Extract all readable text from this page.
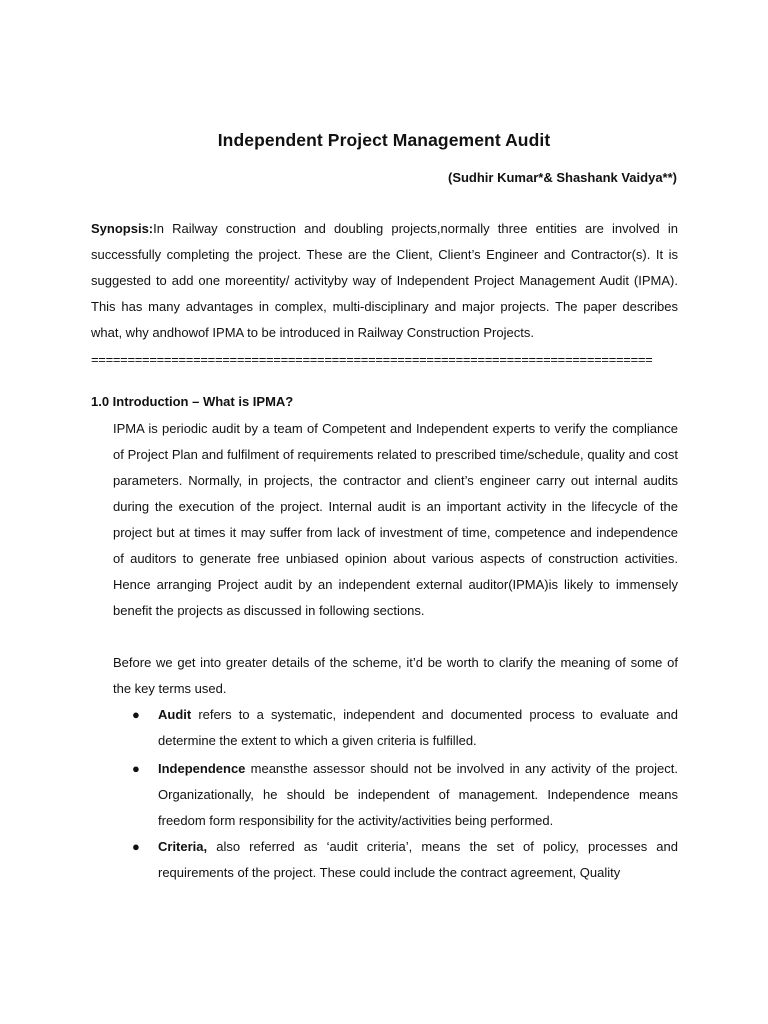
Independent Project Management Audit
(Sudhir Kumar*& Shashank Vaidya**)
Synopsis:In Railway construction and doubling projects,normally three entities are involved in successfully completing the project. These are the Client, Client’s Engineer and Contractor(s). It is suggested to add one moreentity/ activityby way of Independent Project Management Audit (IPMA). This has many advantages in complex, multi-disciplinary and major projects. The paper describes what, why andhowof IPMA to be introduced in Railway Construction Projects.
=============================================================================
1.0 Introduction – What is IPMA?
IPMA is periodic audit by a team of Competent and Independent experts to verify the compliance of Project Plan and fulfilment of requirements related to prescribed time/schedule, quality and cost parameters. Normally, in projects, the contractor and client’s engineer carry out internal audits during the execution of the project. Internal audit is an important activity in the lifecycle of the project but at times it may suffer from lack of investment of time, competence and independence of auditors to generate free unbiased opinion about various aspects of construction activities. Hence arranging Project audit by an independent external auditor(IPMA)is likely to immensely benefit the projects as discussed in following sections.
Before we get into greater details of the scheme, it’d be worth to clarify the meaning of some of the key terms used.
● Audit refers to a systematic, independent and documented process to evaluate and determine the extent to which a given criteria is fulfilled.
● Independence meansthe assessor should not be involved in any activity of the project. Organizationally, he should be independent of management. Independence means freedom form responsibility for the activity/activities being performed.
● Criteria, also referred as ‘audit criteria’, means the set of policy, processes and requirements of the project. These could include the contract agreement, Quality
